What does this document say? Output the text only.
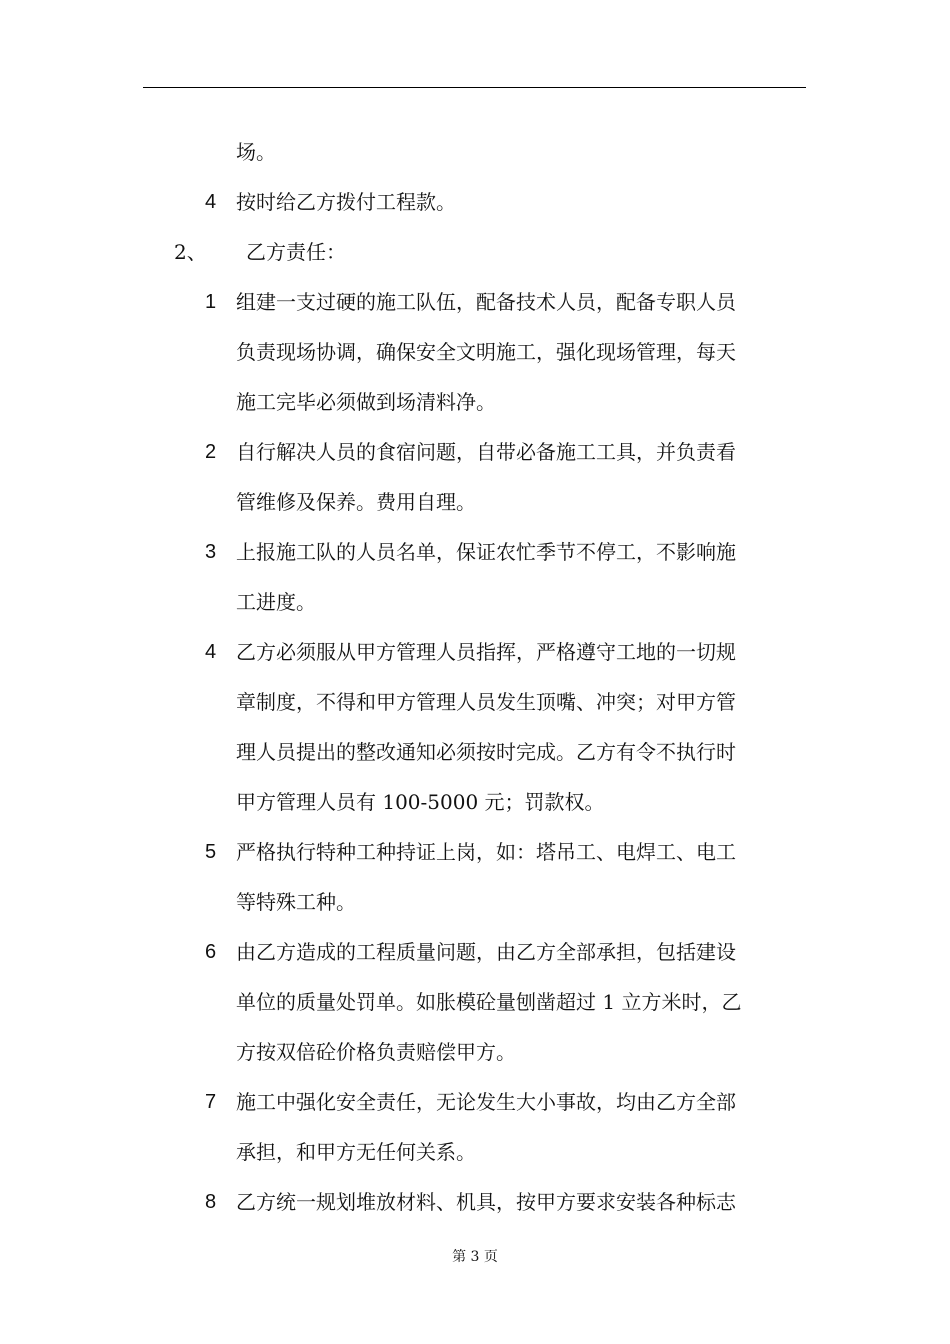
场。
4 按时给乙方拨付工程款。
2、 乙方责任：
1 组建一支过硬的施工队伍，配备技术人员，配备专职人员
负责现场协调，确保安全文明施工，强化现场管理，每天
施工完毕必须做到场清料净。
2 自行解决人员的食宿问题，自带必备施工工具，并负责看
管维修及保养。费用自理。
3 上报施工队的人员名单，保证农忙季节不停工，不影响施
工进度。
4 乙方必须服从甲方管理人员指挥，严格遵守工地的一切规
章制度，不得和甲方管理人员发生顶嘴、冲突；对甲方管
理人员提出的整改通知必须按时完成。乙方有令不执行时
甲方管理人员有 100-5000 元；罚款权。
5 严格执行特种工种持证上岗，如：塔吊工、电焊工、电工
等特殊工种。
6 由乙方造成的工程质量问题，由乙方全部承担，包括建设
单位的质量处罚单。如胀模砼量刨凿超过 1 立方米时，乙
方按双倍砼价格负责赔偿甲方。
7 施工中强化安全责任，无论发生大小事故，均由乙方全部
承担，和甲方无任何关系。
8 乙方统一规划堆放材料、机具，按甲方要求安装各种标志
第 3 页
